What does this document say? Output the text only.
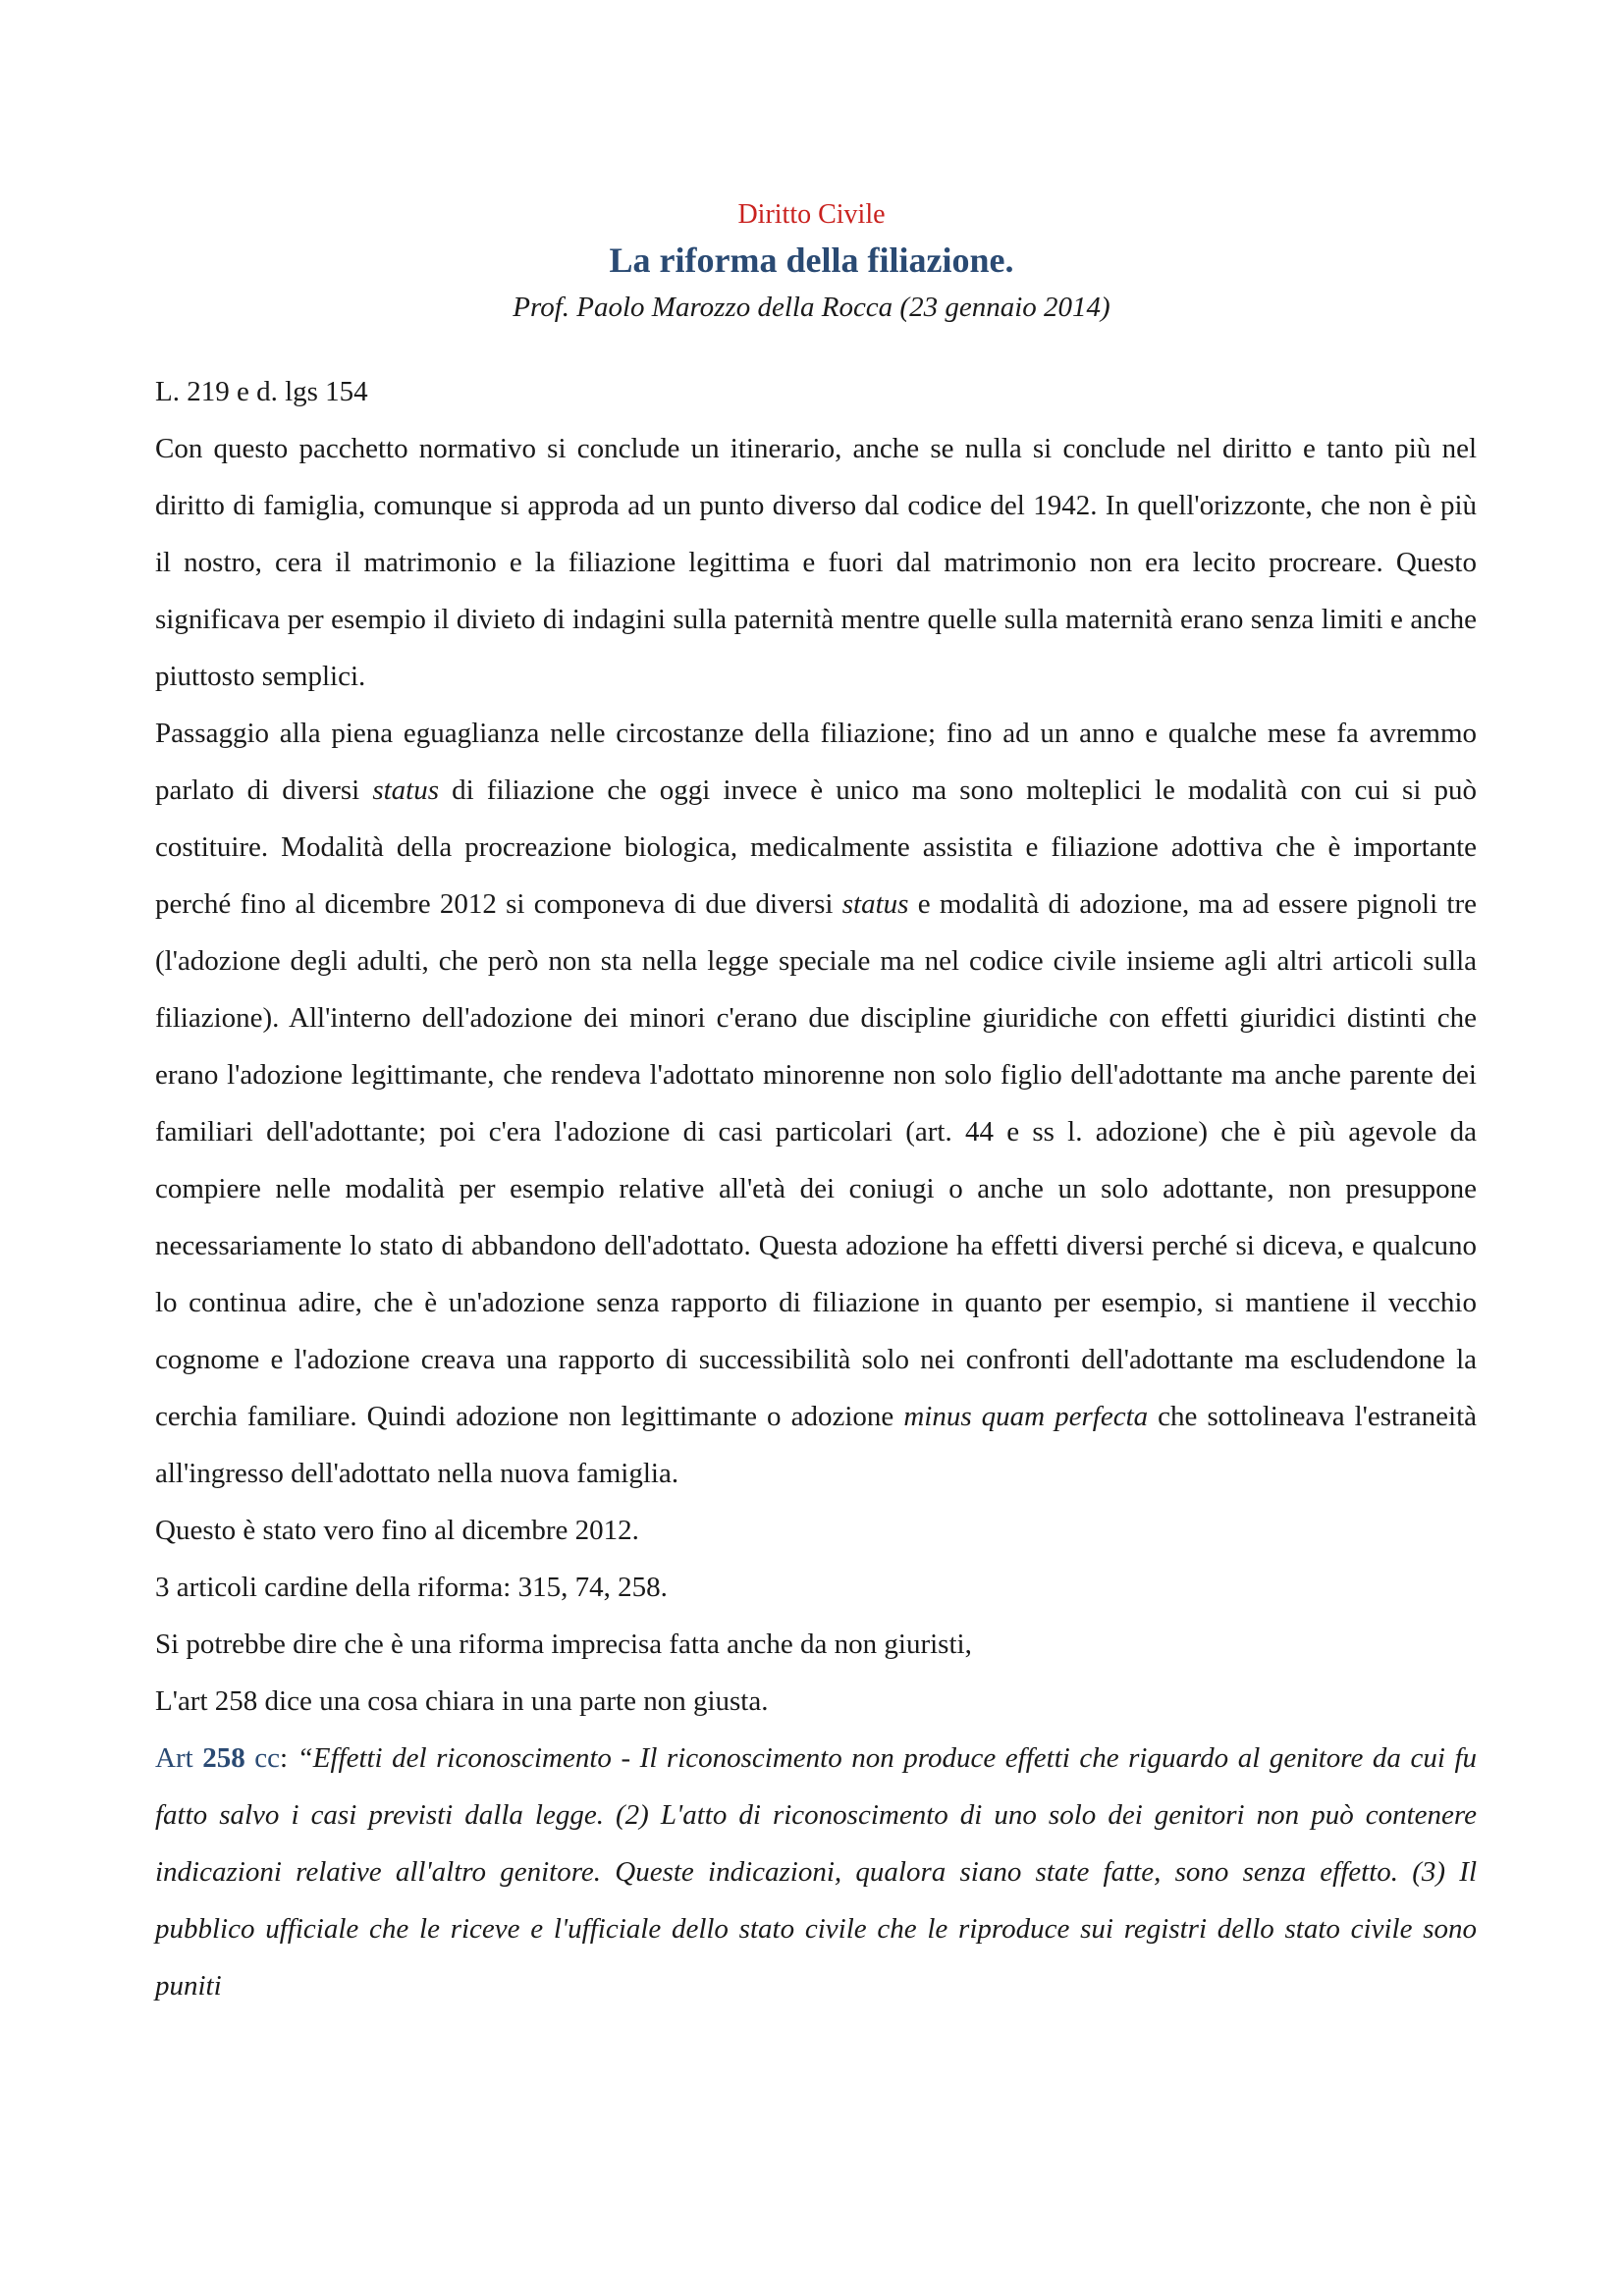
Diritto Civile
La riforma della filiazione.
Prof. Paolo Marozzo della Rocca (23 gennaio 2014)

L. 219 e d. lgs 154

Con questo pacchetto normativo si conclude un itinerario, anche se nulla si conclude nel diritto e tanto più nel diritto di famiglia, comunque si approda ad un punto diverso dal codice del 1942. In quell'orizzonte, che non è più il nostro, cera il matrimonio e la filiazione legittima e fuori dal matrimonio non era lecito procreare. Questo significava per esempio il divieto di indagini sulla paternità mentre quelle sulla maternità erano senza limiti e anche piuttosto semplici.

Passaggio alla piena eguaglianza nelle circostanze della filiazione; fino ad un anno e qualche mese fa avremmo parlato di diversi status di filiazione che oggi invece è unico ma sono molteplici le modalità con cui si può costituire. Modalità della procreazione biologica, medicalmente assistita e filiazione adottiva che è importante perché fino al dicembre 2012 si componeva di due diversi status e modalità di adozione, ma ad essere pignoli tre (l'adozione degli adulti, che però non sta nella legge speciale ma nel codice civile insieme agli altri articoli sulla filiazione). All'interno dell'adozione dei minori c'erano due discipline giuridiche con effetti giuridici distinti che erano l'adozione legittimante, che rendeva l'adottato minorenne non solo figlio dell'adottante ma anche parente dei familiari dell'adottante; poi c'era l'adozione di casi particolari (art. 44 e ss l. adozione) che è più agevole da compiere nelle modalità per esempio relative all'età dei coniugi o anche un solo adottante, non presuppone necessariamente lo stato di abbandono dell'adottato. Questa adozione ha effetti diversi perché si diceva, e qualcuno lo continua adire, che è un'adozione senza rapporto di filiazione in quanto per esempio, si mantiene il vecchio cognome e l'adozione creava una rapporto di successibilità solo nei confronti dell'adottante ma escludendone la cerchia familiare. Quindi adozione non legittimante o adozione minus quam perfecta che sottolineava l'estraneità all'ingresso dell'adottato nella nuova famiglia.

Questo è stato vero fino al dicembre 2012.

3 articoli cardine della riforma: 315, 74, 258.

Si potrebbe dire che è una riforma imprecisa fatta anche da non giuristi,

L'art 258 dice una cosa chiara in una parte non giusta.

Art 258 cc: “Effetti del riconoscimento - Il riconoscimento non produce effetti che riguardo al genitore da cui fu fatto salvo i casi previsti dalla legge. (2) L'atto di riconoscimento di uno solo dei genitori non può contenere indicazioni relative all'altro genitore. Queste indicazioni, qualora siano state fatte, sono senza effetto. (3) Il pubblico ufficiale che le riceve e l'ufficiale dello stato civile che le riproduce sui registri dello stato civile sono puniti
